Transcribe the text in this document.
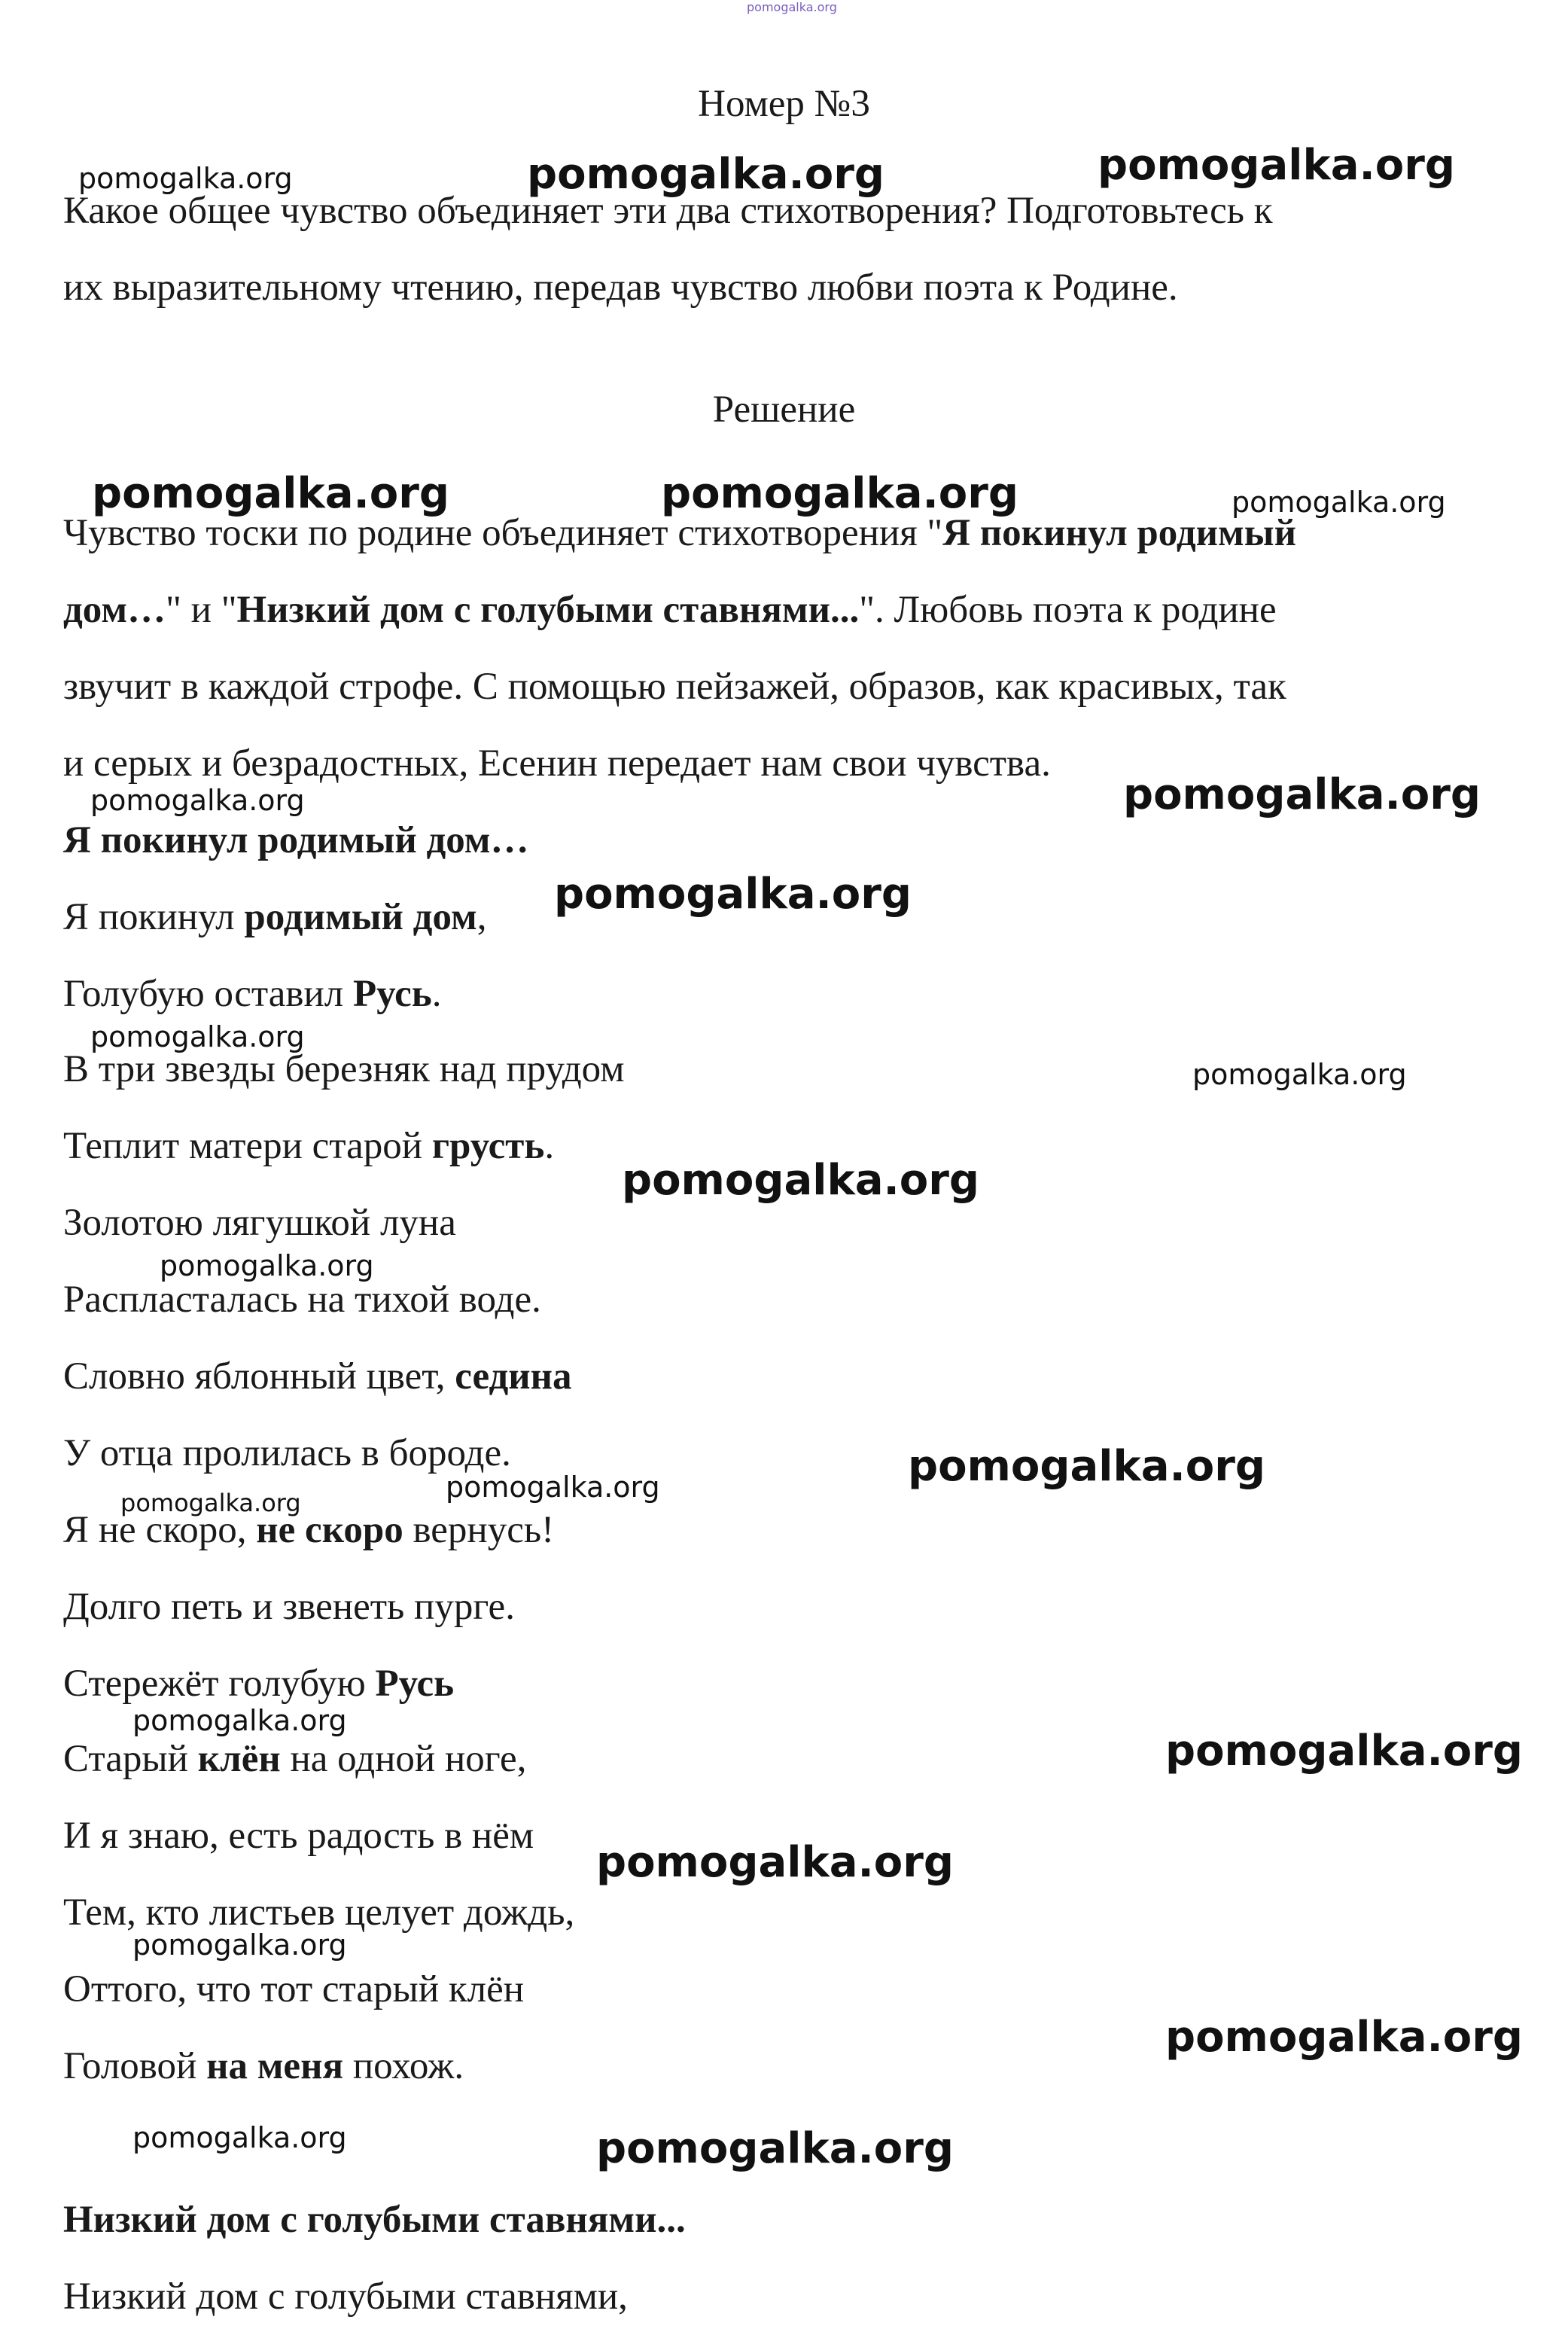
pomogalka.org
Номер №3
Какое общее чувство объединяет эти два стихотворения? Подготовьтесь к
их выразительному чтению, передав чувство любви поэта к Родине.
Решение
Чувство тоски по родине объединяет стихотворения "Я покинул родимый
дом…" и "Низкий дом с голубыми ставнями...". Любовь поэта к родине
звучит в каждой строфе. С помощью пейзажей, образов, как красивых, так
и серых и безрадостных, Есенин передает нам свои чувства.
Я покинул родимый дом…
Я покинул родимый дом,
Голубую оставил Русь.
В три звезды березняк над прудом
Теплит матери старой грусть.
Золотою лягушкой луна
Распласталась на тихой воде.
Словно яблонный цвет, седина
У отца пролилась в бороде.
Я не скоро, не скоро вернусь!
Долго петь и звенеть пурге.
Стережёт голубую Русь
Старый клён на одной ноге,
И я знаю, есть радость в нём
Тем, кто листьев целует дождь,
Оттого, что тот старый клён
Головой на меня похож.
Низкий дом с голубыми ставнями...
Низкий дом с голубыми ставнями,
pomogalka.org	pomogalka.org	pomogalka.org
pomogalka.org	pomogalka.org	pomogalka.org
pomogalka.org	pomogalka.org
pomogalka.org
pomogalka.org
pomogalka.org
pomogalka.org
pomogalka.org
pomogalka.org
pomogalka.org
pomogalka.org
pomogalka.org
pomogalka.org
pomogalka.org
pomogalka.org
pomogalka.org
pomogalka.org	pomogalka.org
